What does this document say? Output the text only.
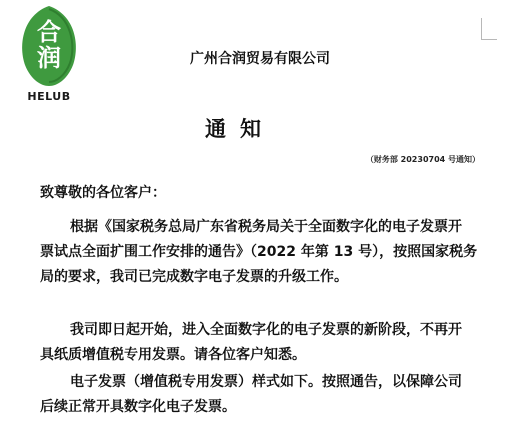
合
润
HELUB
广州合润贸易有限公司
通知
（财务部 20230704 号通知）
致尊敬的各位客户：
根据《国家税务总局广东省税务局关于全面数字化的电子发票开
票试点全面扩围工作安排的通告》（2022 年第 13 号），按照国家税务
局的要求，我司已完成数字电子发票的升级工作。
我司即日起开始，进入全面数字化的电子发票的新阶段，不再开
具纸质增值税专用发票。请各位客户知悉。
电子发票（增值税专用发票）样式如下。按照通告，以保障公司
后续正常开具数字化电子发票。
